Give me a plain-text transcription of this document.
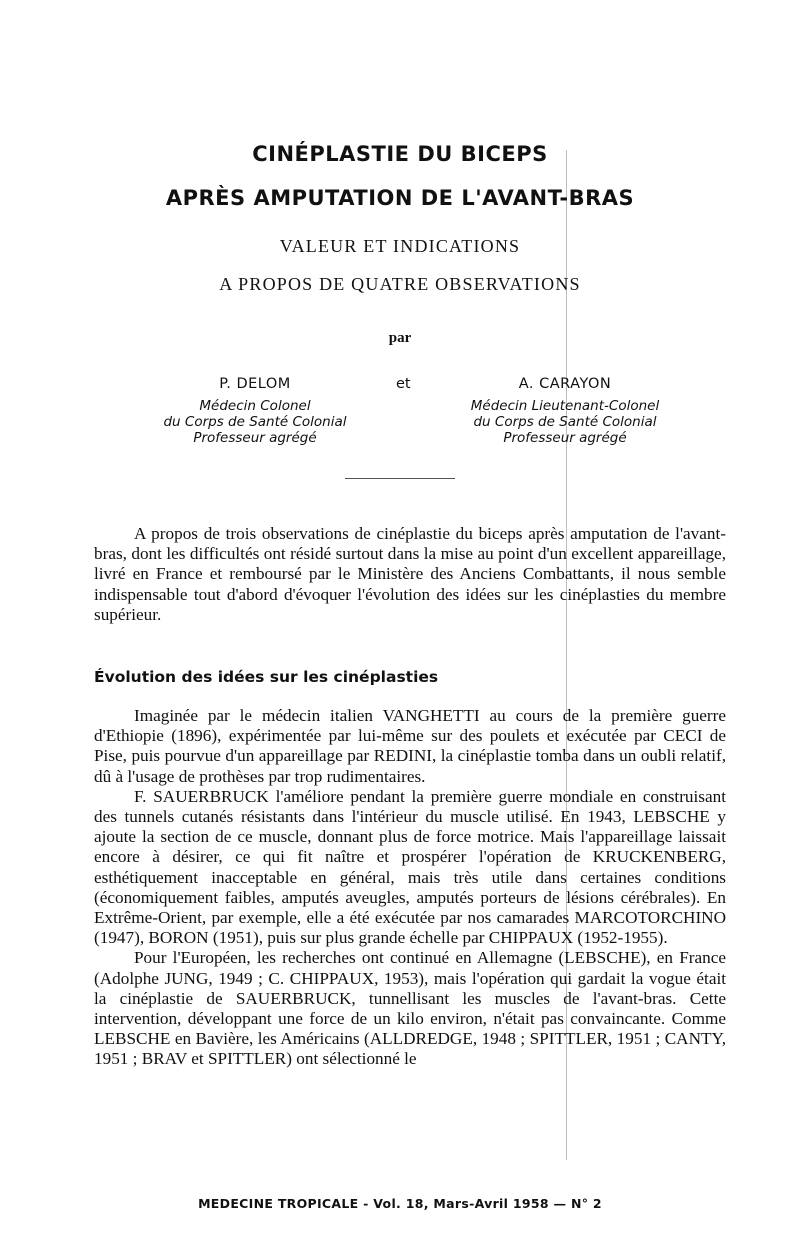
CINÉPLASTIE DU BICEPS
APRÈS AMPUTATION DE L'AVANT-BRAS
VALEUR ET INDICATIONS
A PROPOS DE QUATRE OBSERVATIONS
par
P. DELOM
Médecin Colonel
du Corps de Santé Colonial
Professeur agrégé
et	A. CARAYON
Médecin Lieutenant-Colonel
du Corps de Santé Colonial
Professeur agrégé

A propos de trois observations de cinéplastie du biceps après amputation de l'avant-bras, dont les difficultés ont résidé surtout dans la mise au point d'un excellent appareillage, livré en France et remboursé par le Ministère des Anciens Combattants, il nous semble indispensable tout d'abord d'évoquer l'évolution des idées sur les cinéplasties du membre supérieur.

Évolution des idées sur les cinéplasties

Imaginée par le médecin italien VANGHETTI au cours de la première guerre d'Ethiopie (1896), expérimentée par lui-même sur des poulets et exécutée par CECI de Pise, puis pourvue d'un appareillage par REDINI, la cinéplastie tomba dans un oubli relatif, dû à l'usage de prothèses par trop rudimentaires.

F. SAUERBRUCK l'améliore pendant la première guerre mondiale en construisant des tunnels cutanés résistants dans l'intérieur du muscle utilisé. En 1943, LEBSCHE y ajoute la section de ce muscle, donnant plus de force motrice. Mais l'appareillage laissait encore à désirer, ce qui fit naître et prospérer l'opération de KRUCKENBERG, esthétiquement inacceptable en général, mais très utile dans certaines conditions (économiquement faibles, amputés aveugles, amputés porteurs de lésions cérébrales). En Extrême-Orient, par exemple, elle a été exécutée par nos camarades MARCOTORCHINO (1947), BORON (1951), puis sur plus grande échelle par CHIPPAUX (1952-1955).

Pour l'Européen, les recherches ont continué en Allemagne (LEBSCHE), en France (Adolphe JUNG, 1949 ; C. CHIPPAUX, 1953), mais l'opération qui gardait la vogue était la cinéplastie de SAUERBRUCK, tunnellisant les muscles de l'avant-bras. Cette intervention, développant une force de un kilo environ, n'était pas convaincante. Comme LEBSCHE en Bavière, les Américains (ALLDREDGE, 1948 ; SPITTLER, 1951 ; CANTY, 1951 ; BRAV et SPITTLER) ont sélectionné le

MEDECINE TROPICALE - Vol. 18, Mars-Avril 1958 — N° 2
